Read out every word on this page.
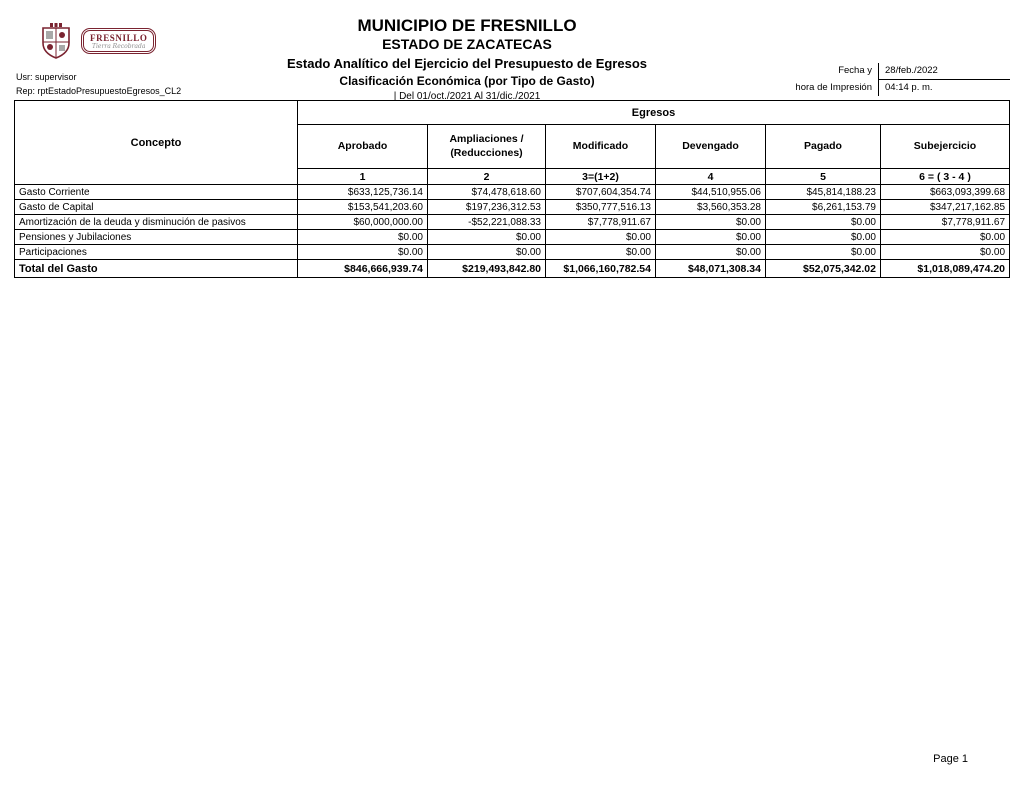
FRESNILLO
Tierra Recobrada
MUNICIPIO DE FRESNILLO
ESTADO DE ZACATECAS
Estado Analítico del Ejercicio del Presupuesto de Egresos
Clasificación Económica (por Tipo de Gasto)
| Del 01/oct./2021 Al 31/dic./2021
Usr: supervisor
Rep: rptEstadoPresupuestoEgresos_CL2
Fecha y	28/feb./2022
hora de Impresión	04:14 p. m.
Concepto	Egresos					
	Aprobado	Ampliaciones / (Reducciones)	Modificado	Devengado	Pagado	Subejercicio
	1	2	3=(1+2)	4	5	6 = ( 3 - 4 )
Gasto Corriente	$633,125,736.14	$74,478,618.60	$707,604,354.74	$44,510,955.06	$45,814,188.23	$663,093,399.68
Gasto de Capital	$153,541,203.60	$197,236,312.53	$350,777,516.13	$3,560,353.28	$6,261,153.79	$347,217,162.85
Amortización de la deuda y disminución de pasivos	$60,000,000.00	-$52,221,088.33	$7,778,911.67	$0.00	$0.00	$7,778,911.67
Pensiones y Jubilaciones	$0.00	$0.00	$0.00	$0.00	$0.00	$0.00
Participaciones	$0.00	$0.00	$0.00	$0.00	$0.00	$0.00
Total del Gasto	$846,666,939.74	$219,493,842.80	$1,066,160,782.54	$48,071,308.34	$52,075,342.02	$1,018,089,474.20
Page 1
